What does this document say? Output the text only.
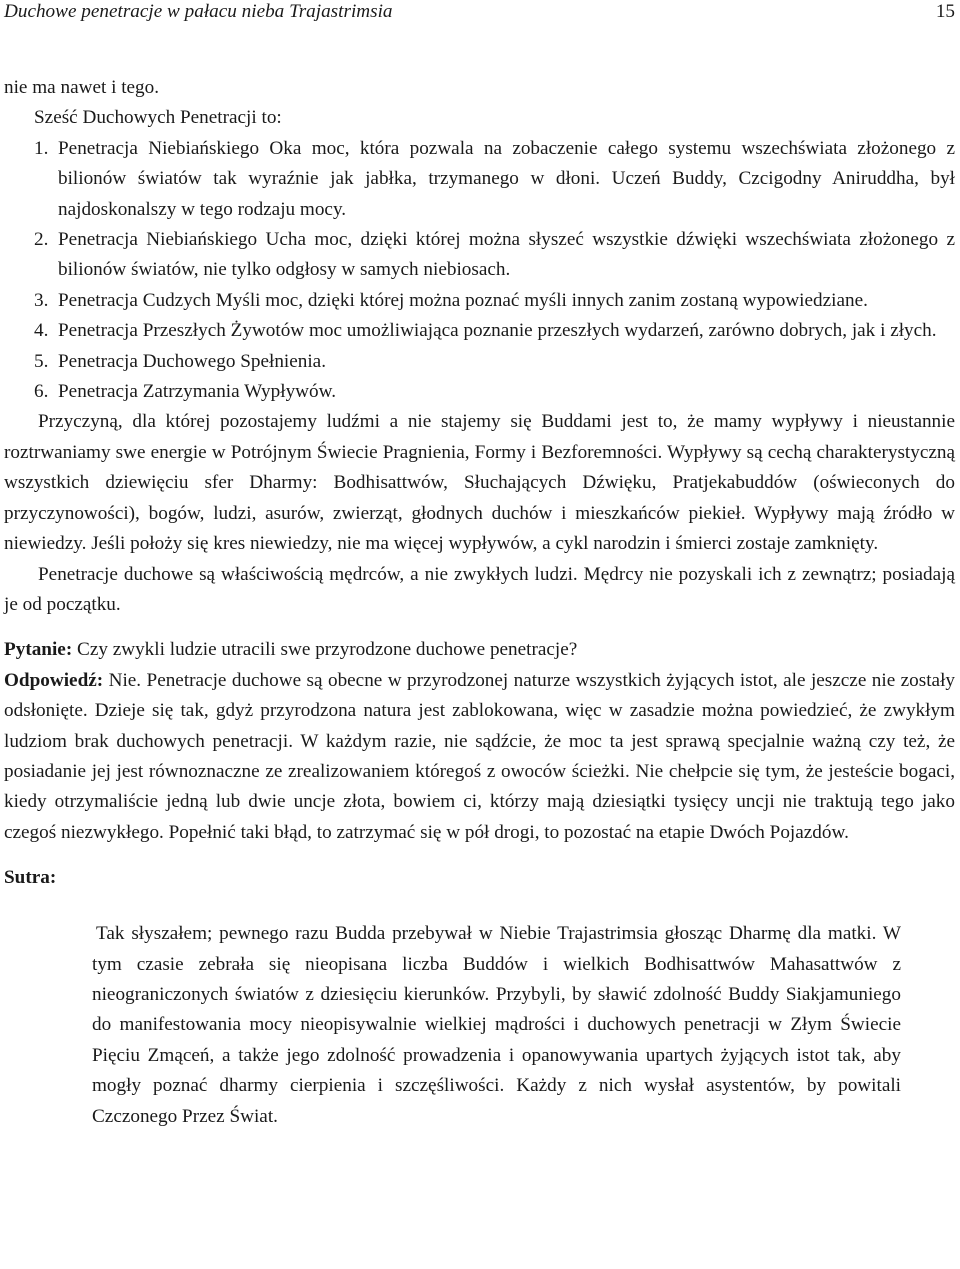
Duchowe penetracje w pałacu nieba Trajastrimsia	15
nie ma nawet i tego.
Sześć Duchowych Penetracji to:
1. Penetracja Niebiańskiego Oka moc, która pozwala na zobaczenie całego systemu wszechświata złożonego z bilionów światów tak wyraźnie jak jabłka, trzymanego w dłoni. Uczeń Buddy, Czcigodny Aniruddha, był najdoskonalszy w tego rodzaju mocy.
2. Penetracja Niebiańskiego Ucha moc, dzięki której można słyszeć wszystkie dźwięki wszechświata złożonego z bilionów światów, nie tylko odgłosy w samych niebiosach.
3. Penetracja Cudzych Myśli moc, dzięki której można poznać myśli innych zanim zostaną wypowiedziane.
4. Penetracja Przeszłych Żywotów moc umożliwiająca poznanie przeszłych wydarzeń, zarówno dobrych, jak i złych.
5. Penetracja Duchowego Spełnienia.
6. Penetracja Zatrzymania Wypływów.

Przyczyną, dla której pozostajemy ludźmi a nie stajemy się Buddami jest to, że mamy wypływy i nieustannie roztrwaniamy swe energie w Potrójnym Świecie Pragnienia, Formy i Bezforemności. Wypływy są cechą charakterystyczną wszystkich dziewięciu sfer Dharmy: Bodhisattwów, Słuchających Dźwięku, Pratjekabuddów (oświeconych do przyczynowości), bogów, ludzi, asurów, zwierząt, głodnych duchów i mieszkańców piekieł. Wypływy mają źródło w niewiedzy. Jeśli położy się kres niewiedzy, nie ma więcej wypływów, a cykl narodzin i śmierci zostaje zamknięty.

Penetracje duchowe są właściwością mędrców, a nie zwykłych ludzi. Mędrcy nie pozyskali ich z zewnątrz; posiadają je od początku.

Pytanie: Czy zwykli ludzie utracili swe przyrodzone duchowe penetracje?

Odpowiedź: Nie. Penetracje duchowe są obecne w przyrodzonej naturze wszystkich żyjących istot, ale jeszcze nie zostały odsłonięte. Dzieje się tak, gdyż przyrodzona natura jest zablokowana, więc w zasadzie można powiedzieć, że zwykłym ludziom brak duchowych penetracji. W każdym razie, nie sądźcie, że moc ta jest sprawą specjalnie ważną czy też, że posiadanie jej jest równoznaczne ze zrealizowaniem któregoś z owoców ścieżki. Nie chełpcie się tym, że jesteście bogaci, kiedy otrzymaliście jedną lub dwie uncje złota, bowiem ci, którzy mają dziesiątki tysięcy uncji nie traktują tego jako czegoś niezwykłego. Popełnić taki błąd, to zatrzymać się w pół drogi, to pozostać na etapie Dwóch Pojazdów.

Sutra:

Tak słyszałem; pewnego razu Budda przebywał w Niebie Trajastrimsia głosząc Dharmę dla matki. W tym czasie zebrała się nieopisana liczba Buddów i wielkich Bodhisattwów Mahasattwów z nieograniczonych światów z dziesięciu kierunków. Przybyli, by sławić zdolność Buddy Siakjamuniego do manifestowania mocy nieopisywalnie wielkiej mądrości i duchowych penetracji w Złym Świecie Pięciu Zmąceń, a także jego zdolność prowadzenia i opanowywania upartych żyjących istot tak, aby mogły poznać dharmy cierpienia i szczęśliwości. Każdy z nich wysłał asystentów, by powitali Czczonego Przez Świat.
